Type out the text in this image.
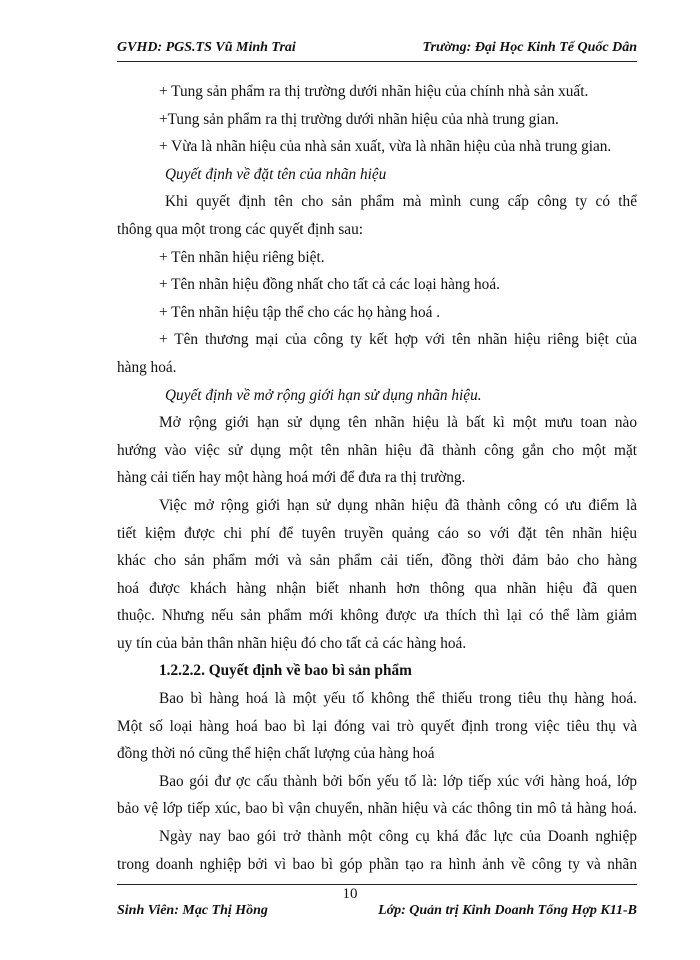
GVHD: PGS.TS Vũ Minh Trai	Trường: Đại Học Kinh Tế Quốc Dân
+ Tung sản phẩm ra thị trường dưới nhãn hiệu của chính nhà sản xuất.
+Tung sản phẩm ra thị trường dưới nhãn hiệu của nhà trung gian.
+ Vừa là nhãn hiệu của nhà sản xuất, vừa là nhãn hiệu của nhà trung gian.
Quyết định về đặt tên của nhãn hiệu
Khi quyết định tên cho sản phẩm mà mình cung cấp công ty có thể
thông qua một trong các quyết định sau:
+ Tên nhãn hiệu riêng biệt.
+ Tên nhãn hiệu đồng nhất cho tất cả các loại hàng hoá.
+ Tên nhãn hiệu tập thể cho các họ hàng hoá .
+ Tên thương mại của công ty kết hợp với tên nhãn hiệu riêng biệt của
hàng hoá.
Quyết định về mở rộng giới hạn sử dụng nhãn hiệu.
Mở rộng giới hạn sử dụng tên nhãn hiệu là bất kì một mưu toan nào
hướng vào việc sử dụng một tên nhãn hiệu đã thành công gắn cho một mặt
hàng cải tiến hay một hàng hoá mới để đưa ra thị trường.
Việc mở rộng giới hạn sử dụng nhãn hiệu đã thành công có ưu điểm là
tiết kiệm được chi phí để tuyên truyền quảng cáo so với đặt tên nhãn hiệu
khác cho sản phẩm mới và sản phẩm cải tiến, đồng thời đảm bảo cho hàng
hoá được khách hàng nhận biết nhanh hơn thông qua nhãn hiệu đã quen
thuộc. Nhưng nếu sản phẩm mới không được ưa thích thì lại có thể làm giảm
uy tín của bản thân nhãn hiệu đó cho tất cả các hàng hoá.
1.2.2.2. Quyết định về bao bì sản phẩm
Bao bì hàng hoá là một yếu tố không thể thiếu trong tiêu thụ hàng hoá.
Một số loại hàng hoá bao bì lại đóng vai trò quyết định trong việc tiêu thụ và
đồng thời nó cũng thể hiện chất lượng của hàng hoá
Bao gói đư ợc cấu thành bởi bốn yếu tố là: lớp tiếp xúc với hàng hoá, lớp
bảo vệ lớp tiếp xúc, bao bì vận chuyển, nhãn hiệu và các thông tin mô tả hàng hoá.
Ngày nay bao gói trở thành một công cụ khá đắc lực của Doanh nghiệp
trong doanh nghiệp bởi vì bao bì góp phần tạo ra hình ảnh về công ty và nhãn
10
Sinh Viên: Mạc Thị Hồng	Lớp: Quản trị Kinh Doanh Tổng Hợp K11-B
